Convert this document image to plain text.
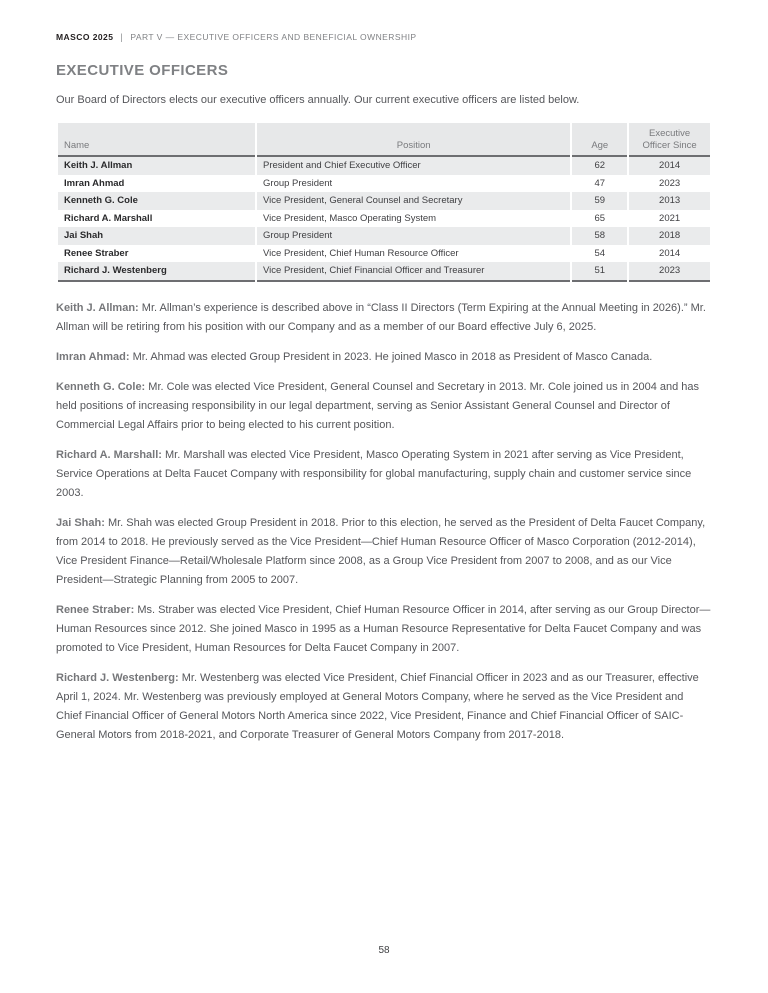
MASCO 2025 | PART V — EXECUTIVE OFFICERS AND BENEFICIAL OWNERSHIP
EXECUTIVE OFFICERS

Our Board of Directors elects our executive officers annually. Our current executive officers are listed below.

Name	Position	Age	Executive Officer Since
Keith J. Allman	President and Chief Executive Officer	62	2014
Imran Ahmad	Group President	47	2023
Kenneth G. Cole	Vice President, General Counsel and Secretary	59	2013
Richard A. Marshall	Vice President, Masco Operating System	65	2021
Jai Shah	Group President	58	2018
Renee Straber	Vice President, Chief Human Resource Officer	54	2014
Richard J. Westenberg	Vice President, Chief Financial Officer and Treasurer	51	2023

Keith J. Allman: Mr. Allman’s experience is described above in “Class II Directors (Term Expiring at the Annual Meeting in 2026).” Mr. Allman will be retiring from his position with our Company and as a member of our Board effective July 6, 2025.

Imran Ahmad: Mr. Ahmad was elected Group President in 2023. He joined Masco in 2018 as President of Masco Canada.

Kenneth G. Cole: Mr. Cole was elected Vice President, General Counsel and Secretary in 2013. Mr. Cole joined us in 2004 and has held positions of increasing responsibility in our legal department, serving as Senior Assistant General Counsel and Director of Commercial Legal Affairs prior to being elected to his current position.

Richard A. Marshall: Mr. Marshall was elected Vice President, Masco Operating System in 2021 after serving as Vice President, Service Operations at Delta Faucet Company with responsibility for global manufacturing, supply chain and customer service since 2003.

Jai Shah: Mr. Shah was elected Group President in 2018. Prior to this election, he served as the President of Delta Faucet Company, from 2014 to 2018. He previously served as the Vice President—Chief Human Resource Officer of Masco Corporation (2012-2014), Vice President Finance—Retail/Wholesale Platform since 2008, as a Group Vice President from 2007 to 2008, and as our Vice President—Strategic Planning from 2005 to 2007.

Renee Straber: Ms. Straber was elected Vice President, Chief Human Resource Officer in 2014, after serving as our Group Director—Human Resources since 2012. She joined Masco in 1995 as a Human Resource Representative for Delta Faucet Company and was promoted to Vice President, Human Resources for Delta Faucet Company in 2007.

Richard J. Westenberg: Mr. Westenberg was elected Vice President, Chief Financial Officer in 2023 and as our Treasurer, effective April 1, 2024. Mr. Westenberg was previously employed at General Motors Company, where he served as the Vice President and Chief Financial Officer of General Motors North America since 2022, Vice President, Finance and Chief Financial Officer of SAIC-General Motors from 2018-2021, and Corporate Treasurer of General Motors Company from 2017-2018.

58
